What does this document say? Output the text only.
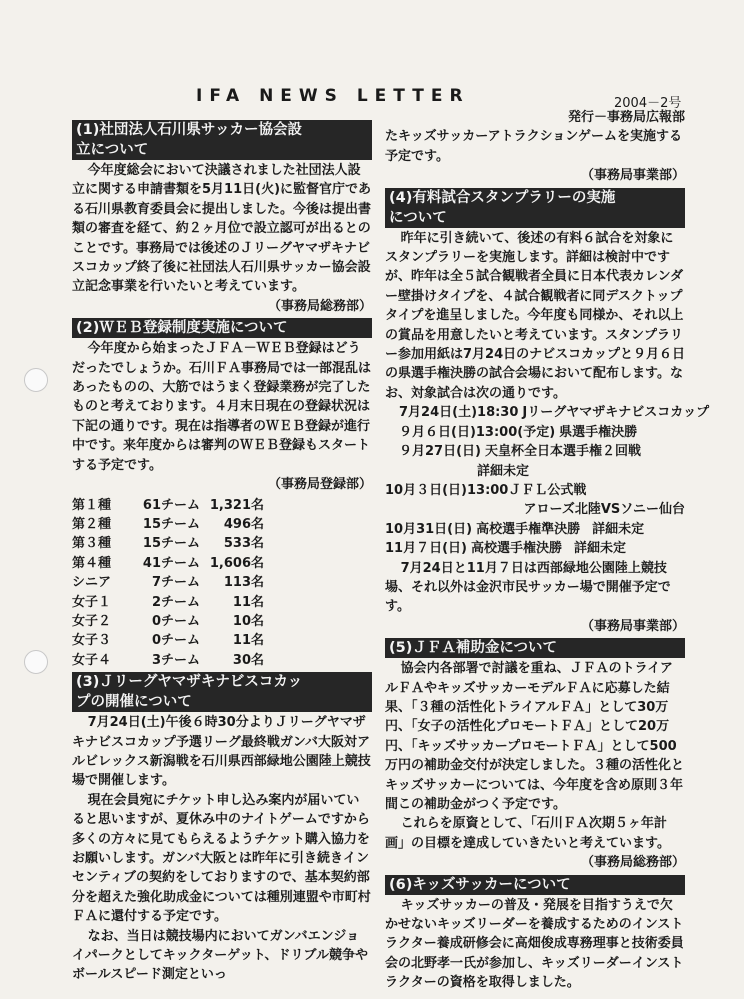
IFA NEWS LETTER	2004－2号
(1)社団法人石川県サッカー協会設
立について

今年度総会において決議されました社団法人設立に関する申請書類を5月11日(火)に監督官庁である石川県教育委員会に提出しました。今後は提出書類の審査を経て、約２ヶ月位で設立認可が出るとのことです。事務局では後述のＪリーグヤマザキナビスコカップ終了後に社団法人石川県サッカー協会設立記念事業を行いたいと考えています。

（事務局総務部）

(2)ＷＥＢ登録制度実施について

今年度から始まったＪＦＡ－ＷＥＢ登録はどうだったでしょうか。石川ＦＡ事務局では一部混乱はあったものの、大筋ではうまく登録業務が完了したものと考えております。４月末日現在の登録状況は下記の通りです。現在は指導者のＷＥＢ登録が進行中です。来年度からは審判のＷＥＢ登録もスタートする予定です。

（事務局登録部）

第１種	61チーム 1,321名
第２種	15チーム	496名
第３種	15チーム	533名
第４種	41チーム 1,606名
シニア	7チーム	113名
女子１	2チーム	11名
女子２	0チーム	10名
女子３	0チーム	11名
女子４	3チーム	30名
(3)Ｊリーグヤマザキナビスコカッ
プの開催について

7月24日(土)午後６時30分よりＪリーグヤマザキナビスコカップ予選リーグ最終戦ガンバ大阪対アルビレックス新潟戦を石川県西部緑地公園陸上競技場で開催します。

現在会員宛にチケット申し込み案内が届いていると思いますが、夏休み中のナイトゲームですから多くの方々に見てもらえるようチケット購入協力をお願いします。ガンバ大阪とは昨年に引き続きインセンティブの契約をしておりますので、基本契約部分を超えた強化助成金については種別連盟や市町村ＦＡに還付する予定です。

なお、当日は競技場内においてガンバエンジョイパークとしてキックターゲット、ドリブル競争やボールスピード測定といっ

発行－事務局広報部

たキッズサッカーアトラクションゲームを実施する予定です。

（事務局事業部）

(4)有料試合スタンプラリーの実施
について

昨年に引き続いて、後述の有料６試合を対象にスタンプラリーを実施します。詳細は検討中ですが、昨年は全５試合観戦者全員に日本代表カレンダー壁掛けタイプを、４試合観戦者に同デスクトップタイプを進呈しました。今年度も同様か、それ以上の賞品を用意したいと考えています。スタンプラリー参加用紙は7月24日のナビスコカップと９月６日の県選手権決勝の試合会場において配布します。なお、対象試合は次の通りです。

7月24日(土)18:30 Jリーグヤマザキナビスコカップ
９月６日(日)13:00(予定) 県選手権決勝
９月27日(日) 天皇杯全日本選手権２回戦
詳細未定
10月３日(日)13:00ＪＦＬ公式戦
アローズ北陸VSソニー仙台
10月31日(日) 高校選手権準決勝 詳細未定
11月７日(日) 高校選手権決勝 詳細未定

7月24日と11月７日は西部緑地公園陸上競技場、それ以外は金沢市民サッカー場で開催予定です。

（事務局事業部）

(5)ＪＦＡ補助金について

協会内各部署で討議を重ね、ＪＦＡのトライアルＦＡやキッズサッカーモデルＦＡに応募した結果、「３種の活性化トライアルＦＡ」として30万円、「女子の活性化プロモートＦＡ」として20万円、「キッズサッカープロモートＦＡ」として500万円の補助金交付が決定しました。３種の活性化とキッズサッカーについては、今年度を含め原則３年間この補助金がつく予定です。

これらを原資として、「石川ＦＡ次期５ヶ年計画」の目標を達成していきたいと考えています。

（事務局総務部）

(6)キッズサッカーについて

キッズサッカーの普及・発展を目指すうえで欠かせないキッズリーダーを養成するためのインストラクター養成研修会に高畑俊成専務理事と技術委員会の北野孝一氏が参加し、キッズリーダーインストラクターの資格を取得しました。
